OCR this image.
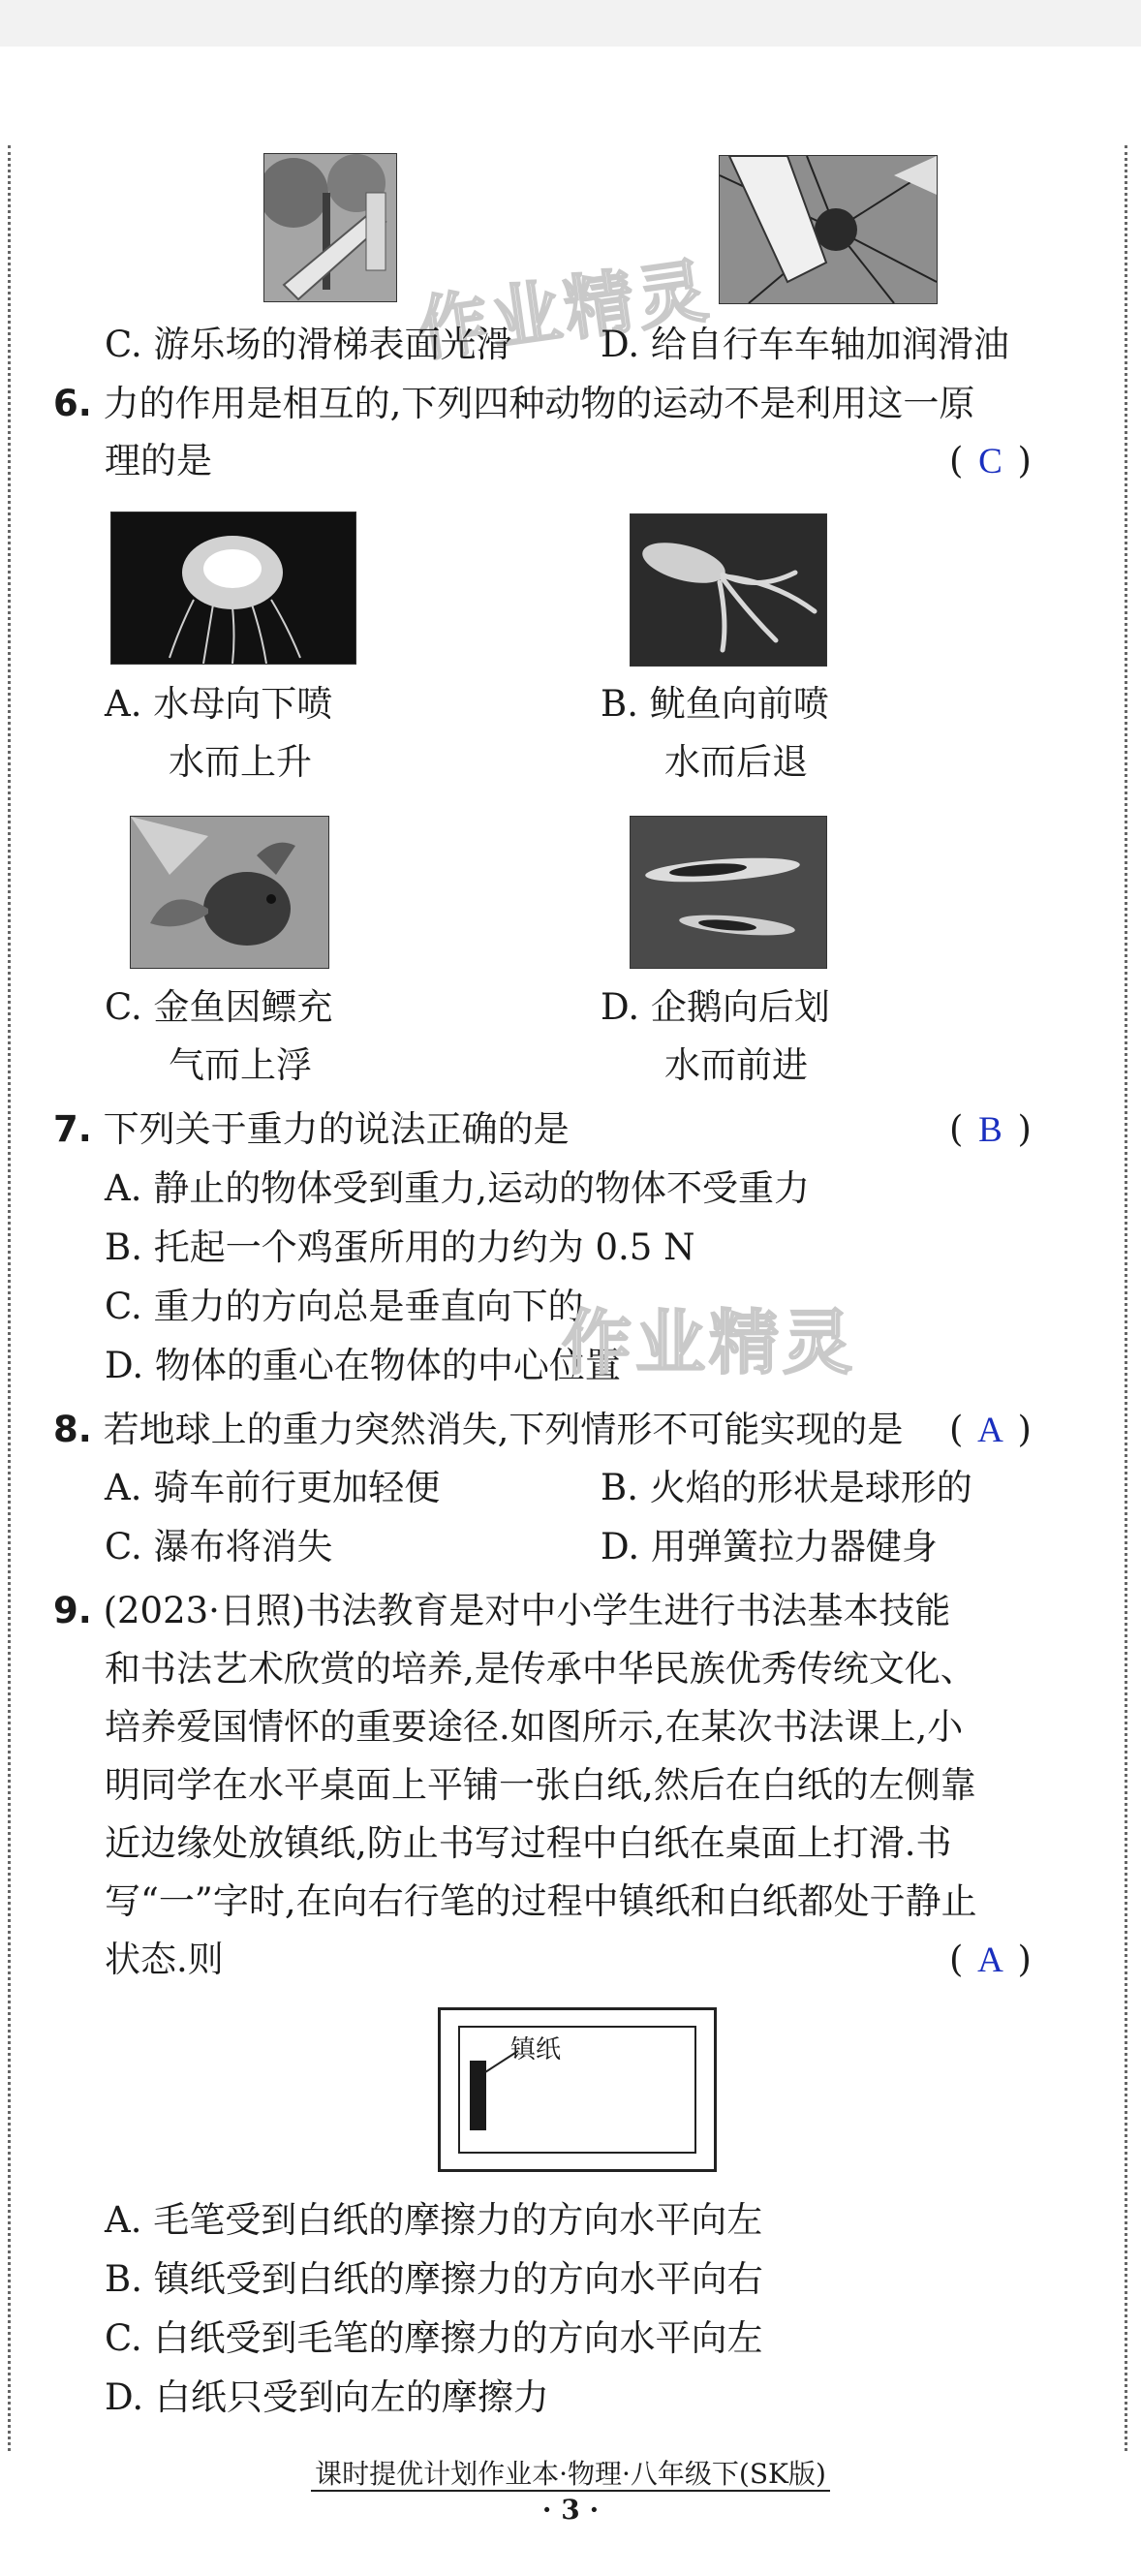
作业精灵
C. 游乐场的滑梯表面光滑 D. 给自行车车轴加润滑油
6. 力的作用是相互的,下列四种动物的运动不是利用这一原
理的是	( C )
A. 水母向下喷
水而上升
B. 鱿鱼向前喷
水而后退
C. 金鱼因鳔充
气而上浮
D. 企鹅向后划
水而前进
7. 下列关于重力的说法正确的是	( B )
A. 静止的物体受到重力,运动的物体不受重力
B. 托起一个鸡蛋所用的力约为 0.5 N
C. 重力的方向总是垂直向下的
D. 物体的重心在物体的中心位置
作业精灵
8. 若地球上的重力突然消失,下列情形不可能实现的是 ( A )
A. 骑车前行更加轻便	B. 火焰的形状是球形的
C. 瀑布将消失	D. 用弹簧拉力器健身
9. (2023·日照)书法教育是对中小学生进行书法基本技能
和书法艺术欣赏的培养,是传承中华民族优秀传统文化、
培养爱国情怀的重要途径.如图所示,在某次书法课上,小
明同学在水平桌面上平铺一张白纸,然后在白纸的左侧靠
近边缘处放镇纸,防止书写过程中白纸在桌面上打滑.书
写“一”字时,在向右行笔的过程中镇纸和白纸都处于静止
状态.则	( A )
镇纸
A. 毛笔受到白纸的摩擦力的方向水平向左
B. 镇纸受到白纸的摩擦力的方向水平向右
C. 白纸受到毛笔的摩擦力的方向水平向左
D. 白纸只受到向左的摩擦力
课时提优计划作业本·物理·八年级下(SK版)
· 3 ·
